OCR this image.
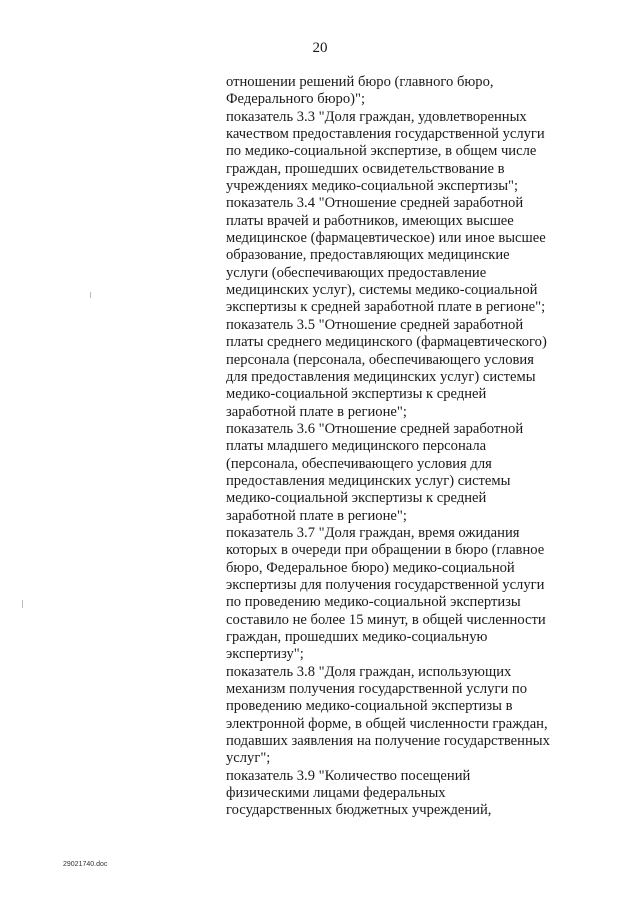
20
отношении решений бюро (главного бюро,
Федерального бюро)";
показатель 3.3 "Доля граждан, удовлетворенных
качеством предоставления государственной услуги
по медико-социальной экспертизе, в общем числе
граждан, прошедших освидетельствование в
учреждениях медико-социальной экспертизы";
показатель 3.4 "Отношение средней заработной
платы врачей и работников, имеющих высшее
медицинское (фармацевтическое) или иное высшее
образование, предоставляющих медицинские
услуги (обеспечивающих предоставление
медицинских услуг), системы медико-социальной
экспертизы к средней заработной плате в регионе";
показатель 3.5 "Отношение средней заработной
платы среднего медицинского (фармацевтического)
персонала (персонала, обеспечивающего условия
для предоставления медицинских услуг) системы
медико-социальной экспертизы к средней
заработной плате в регионе";
показатель 3.6 "Отношение средней заработной
платы младшего медицинского персонала
(персонала, обеспечивающего условия для
предоставления медицинских услуг) системы
медико-социальной экспертизы к средней
заработной плате в регионе";
показатель 3.7 "Доля граждан, время ожидания
которых в очереди при обращении в бюро (главное
бюро, Федеральное бюро) медико-социальной
экспертизы для получения государственной услуги
по проведению медико-социальной экспертизы
составило не более 15 минут, в общей численности
граждан, прошедших медико-социальную
экспертизу";
показатель 3.8 "Доля граждан, использующих
механизм получения государственной услуги по
проведению медико-социальной экспертизы в
электронной форме, в общей численности граждан,
подавших заявления на получение государственных
услуг";
показатель 3.9 "Количество посещений
физическими лицами федеральных
государственных бюджетных учреждений,
29021740.doc
